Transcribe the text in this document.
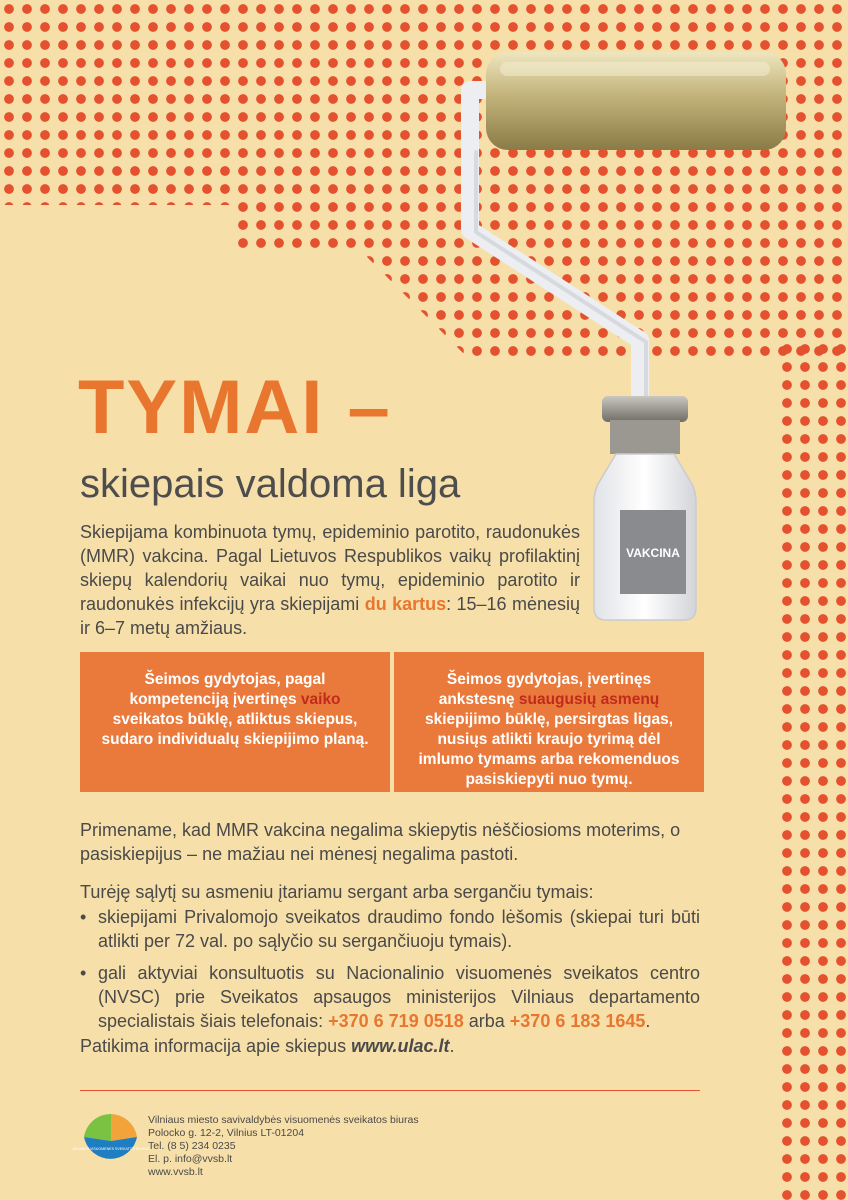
VAKCINA
TYMAI –
skiepais valdoma liga

Skiepijama kombinuota tymų, epideminio parotito, raudonukės (MMR) vakcina. Pagal Lietuvos Respublikos vaikų profilaktinį skiepų kalendorių vaikai nuo tymų, epideminio parotito ir raudonukės infekcijų yra skiepijami du kartus: 15–16 mėnesių ir 6–7 metų amžiaus.

Šeimos gydytojas, pagal kompetenciją įvertinęs vaiko sveikatos būklę, atliktus skiepus, sudaro individualų skiepijimo planą.
Šeimos gydytojas, įvertinęs ankstesnę suaugusių asmenų skiepijimo būklę, persirgtas ligas, nusiųs atlikti kraujo tyrimą dėl imlumo tymams arba rekomenduos pasiskiepyti nuo tymų.

Primename, kad MMR vakcina negalima skiepytis nėščiosioms moterims, o pasiskiepijus – ne mažiau nei mėnesį negalima pastoti.

Turėję sąlytį su asmeniu įtariamu sergant arba sergančiu tymais:

• skiepijami Privalomojo sveikatos draudimo fondo lėšomis (skiepai turi būti atlikti per 72 val. po sąlyčio su sergančiuoju tymais).
• gali aktyviai konsultuotis su Nacionalinio visuomenės sveikatos centro (NVSC) prie Sveikatos apsaugos ministerijos Vilniaus departamento specialistais šiais telefonais: +370 6 719 0518 arba +370 6 183 1645.

Patikima informacija apie skiepus www.ulac.lt.

VILNIAUS VISUOMENĖS SVEIKATOS BIURAS
Vilniaus miesto savivaldybės visuomenės sveikatos biuras
Polocko g. 12-2, Vilnius LT-01204
Tel. (8 5) 234 0235
El. p. info@vvsb.lt
www.vvsb.lt
